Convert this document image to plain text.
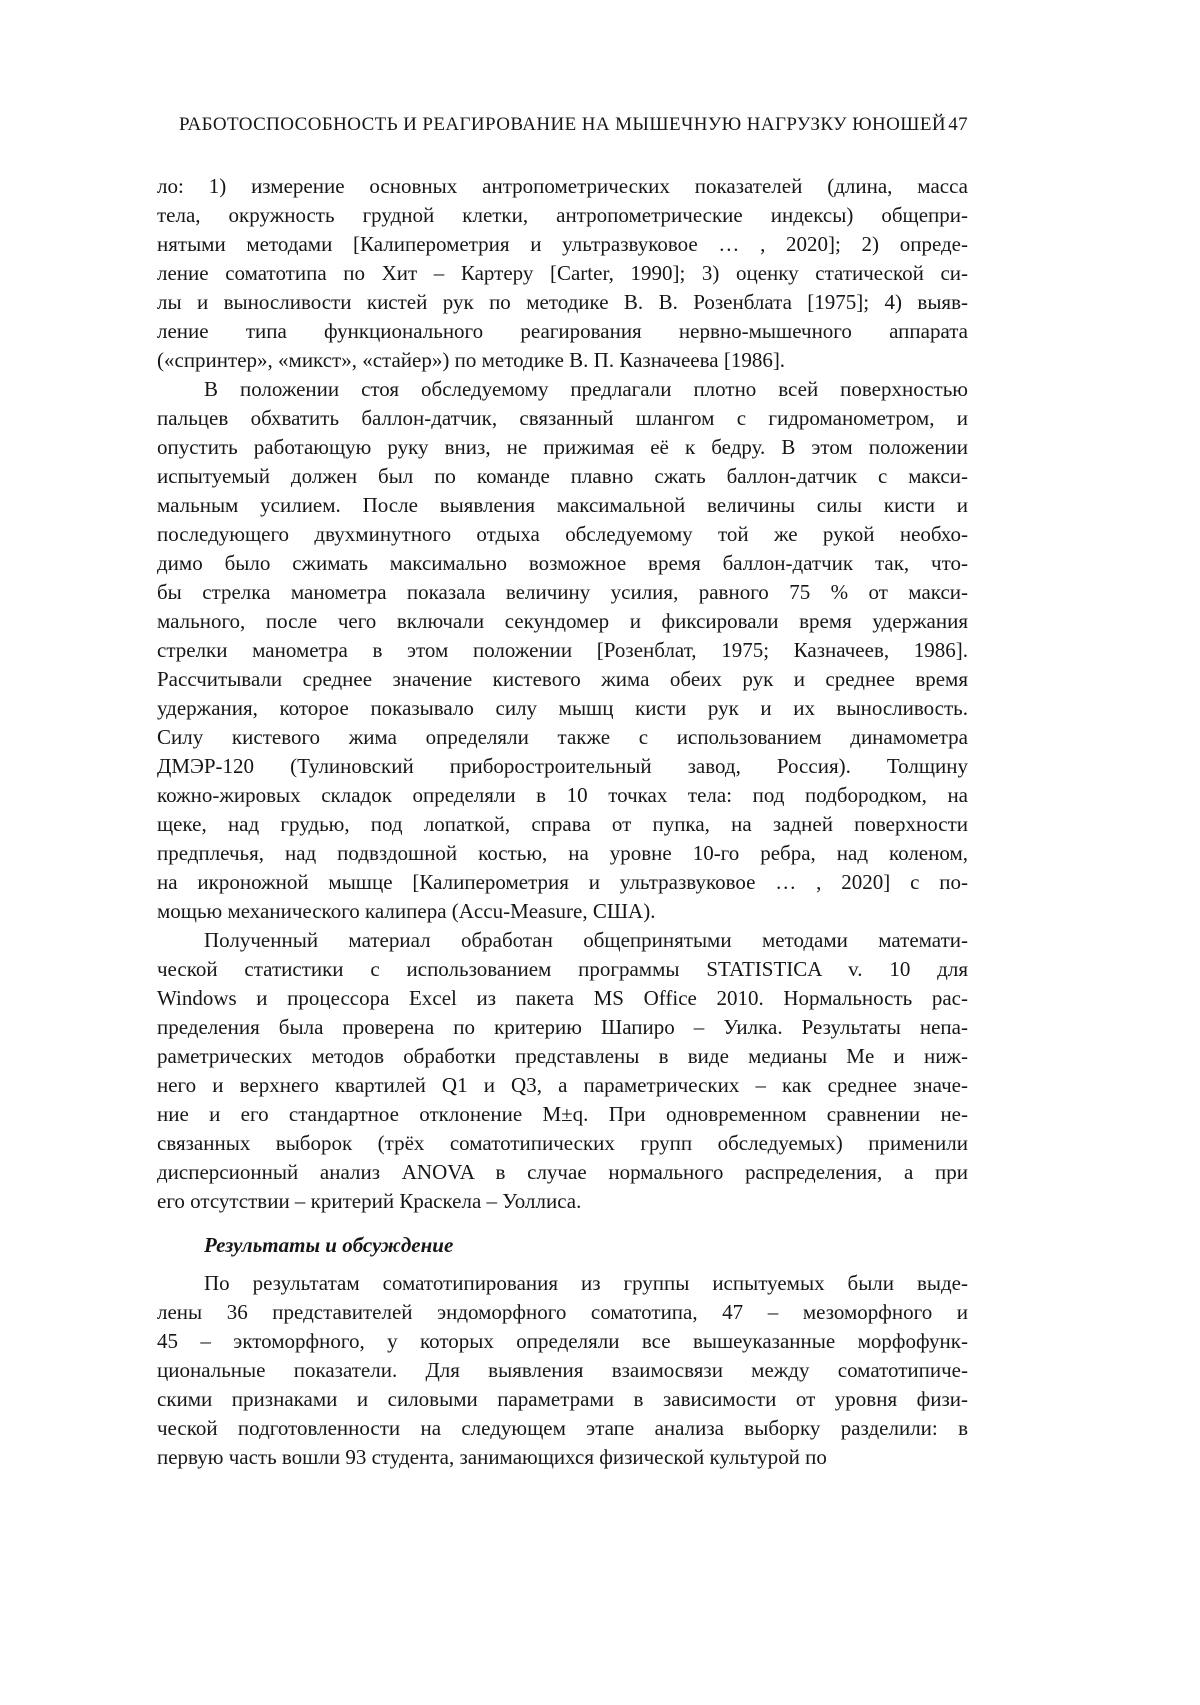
РАБОТОСПОСОБНОСТЬ И РЕАГИРОВАНИЕ НА МЫШЕЧНУЮ НАГРУЗКУ ЮНОШЕЙ 47
ло: 1) измерение основных антропометрических показателей (длина, масса
тела, окружность грудной клетки, антропометрические индексы) общепри-
нятыми методами [Калиперометрия и ультразвуковое … , 2020]; 2) опреде-
ление соматотипа по Хит – Картеру [Carter, 1990]; 3) оценку статической си-
лы и выносливости кистей рук по методике В. В. Розенблата [1975]; 4) выяв-
ление типа функционального реагирования нервно-мышечного аппарата
(«спринтер», «микст», «стайер») по методике В. П. Казначеева [1986].
В положении стоя обследуемому предлагали плотно всей поверхностью
пальцев обхватить баллон-датчик, связанный шлангом с гидроманометром, и
опустить работающую руку вниз, не прижимая её к бедру. В этом положении
испытуемый должен был по команде плавно сжать баллон-датчик с макси-
мальным усилием. После выявления максимальной величины силы кисти и
последующего двухминутного отдыха обследуемому той же рукой необхо-
димо было сжимать максимально возможное время баллон-датчик так, что-
бы стрелка манометра показала величину усилия, равного 75 % от макси-
мального, после чего включали секундомер и фиксировали время удержания
стрелки манометра в этом положении [Розенблат, 1975; Казначеев, 1986].
Рассчитывали среднее значение кистевого жима обеих рук и среднее время
удержания, которое показывало силу мышц кисти рук и их выносливость.
Силу кистевого жима определяли также с использованием динамометра
ДМЭР-120 (Тулиновский приборостроительный завод, Россия). Толщину
кожно-жировых складок определяли в 10 точках тела: под подбородком, на
щеке, над грудью, под лопаткой, справа от пупка, на задней поверхности
предплечья, над подвздошной костью, на уровне 10-го ребра, над коленом,
на икроножной мышце [Калиперометрия и ультразвуковое … , 2020] с по-
мощью механического калипера (Accu-Measure, США).
Полученный материал обработан общепринятыми методами математи-
ческой статистики с использованием программы STATISTICA v. 10 для
Windows и процессора Excel из пакета MS Office 2010. Нормальность рас-
пределения была проверена по критерию Шапиро – Уилка. Результаты непа-
раметрических методов обработки представлены в виде медианы Me и ниж-
него и верхнего квартилей Q1 и Q3, а параметрических – как среднее значе-
ние и его стандартное отклонение M±q. При одновременном сравнении не-
связанных выборок (трёх соматотипических групп обследуемых) применили
дисперсионный анализ ANOVA в случае нормального распределения, а при
его отсутствии – критерий Краскела – Уоллиса.
Результаты и обсуждение
По результатам соматотипирования из группы испытуемых были выде-
лены 36 представителей эндоморфного соматотипа, 47 – мезоморфного и
45 – эктоморфного, у которых определяли все вышеуказанные морфофунк-
циональные показатели. Для выявления взаимосвязи между соматотипиче-
скими признаками и силовыми параметрами в зависимости от уровня физи-
ческой подготовленности на следующем этапе анализа выборку разделили: в
первую часть вошли 93 студента, занимающихся физической культурой по
